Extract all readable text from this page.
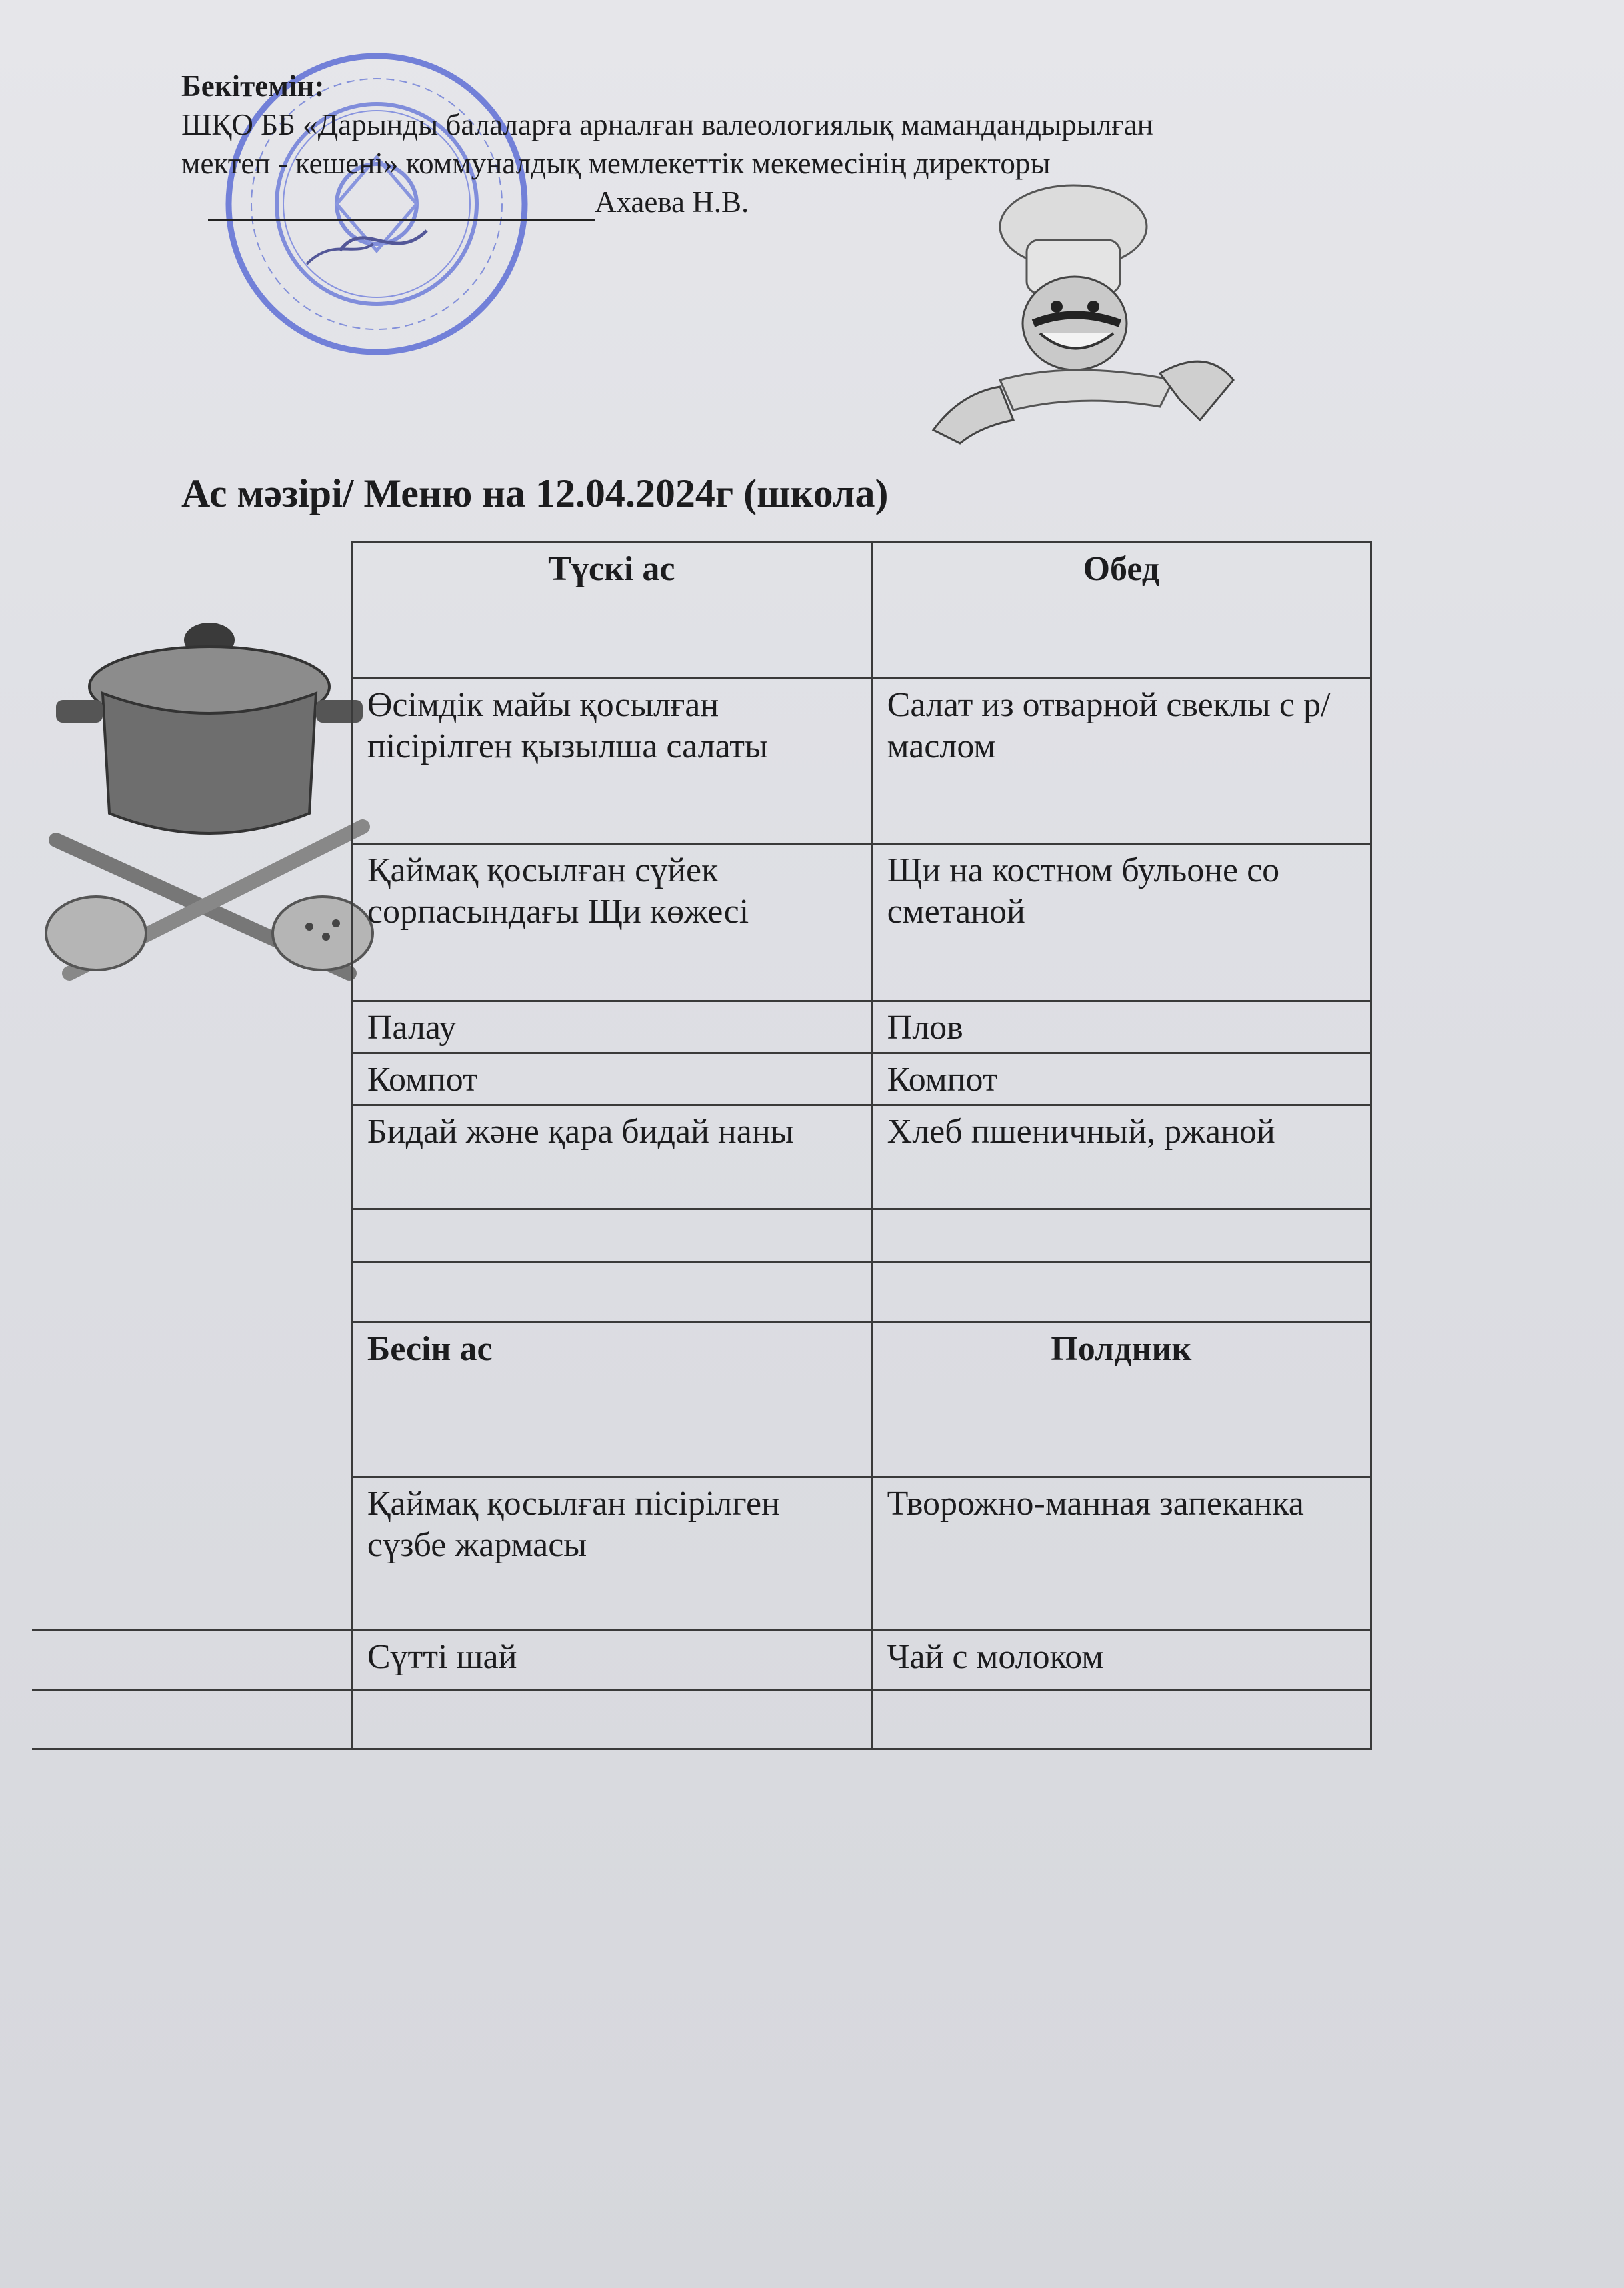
Бекітемін:
ШҚО ББ «Дарынды балаларға арналған валеологиялық мамандандырылған
мектеп - кешені» коммуналдық мемлекеттік мекемесінің директоры
Ахаева Н.В.
Ас мәзірі/ Меню на 12.04.2024г (школа)
	Түскі ас	Обед
	Өсімдік майы қосылған пісірілген қызылша салаты	Салат из отварной свеклы с р/маслом
	Қаймақ қосылған сүйек сорпасындағы Щи көжесі	Щи на костном бульоне со сметаной
	Палау	Плов
	Компот	Компот
	Бидай және қара бидай наны	Хлеб пшеничный, ржаной

	Бесін ас	Полдник
	Қаймақ қосылған пісірілген сүзбе жармасы	Творожно-манная запеканка
	Сүтті шай	Чай с молоком
